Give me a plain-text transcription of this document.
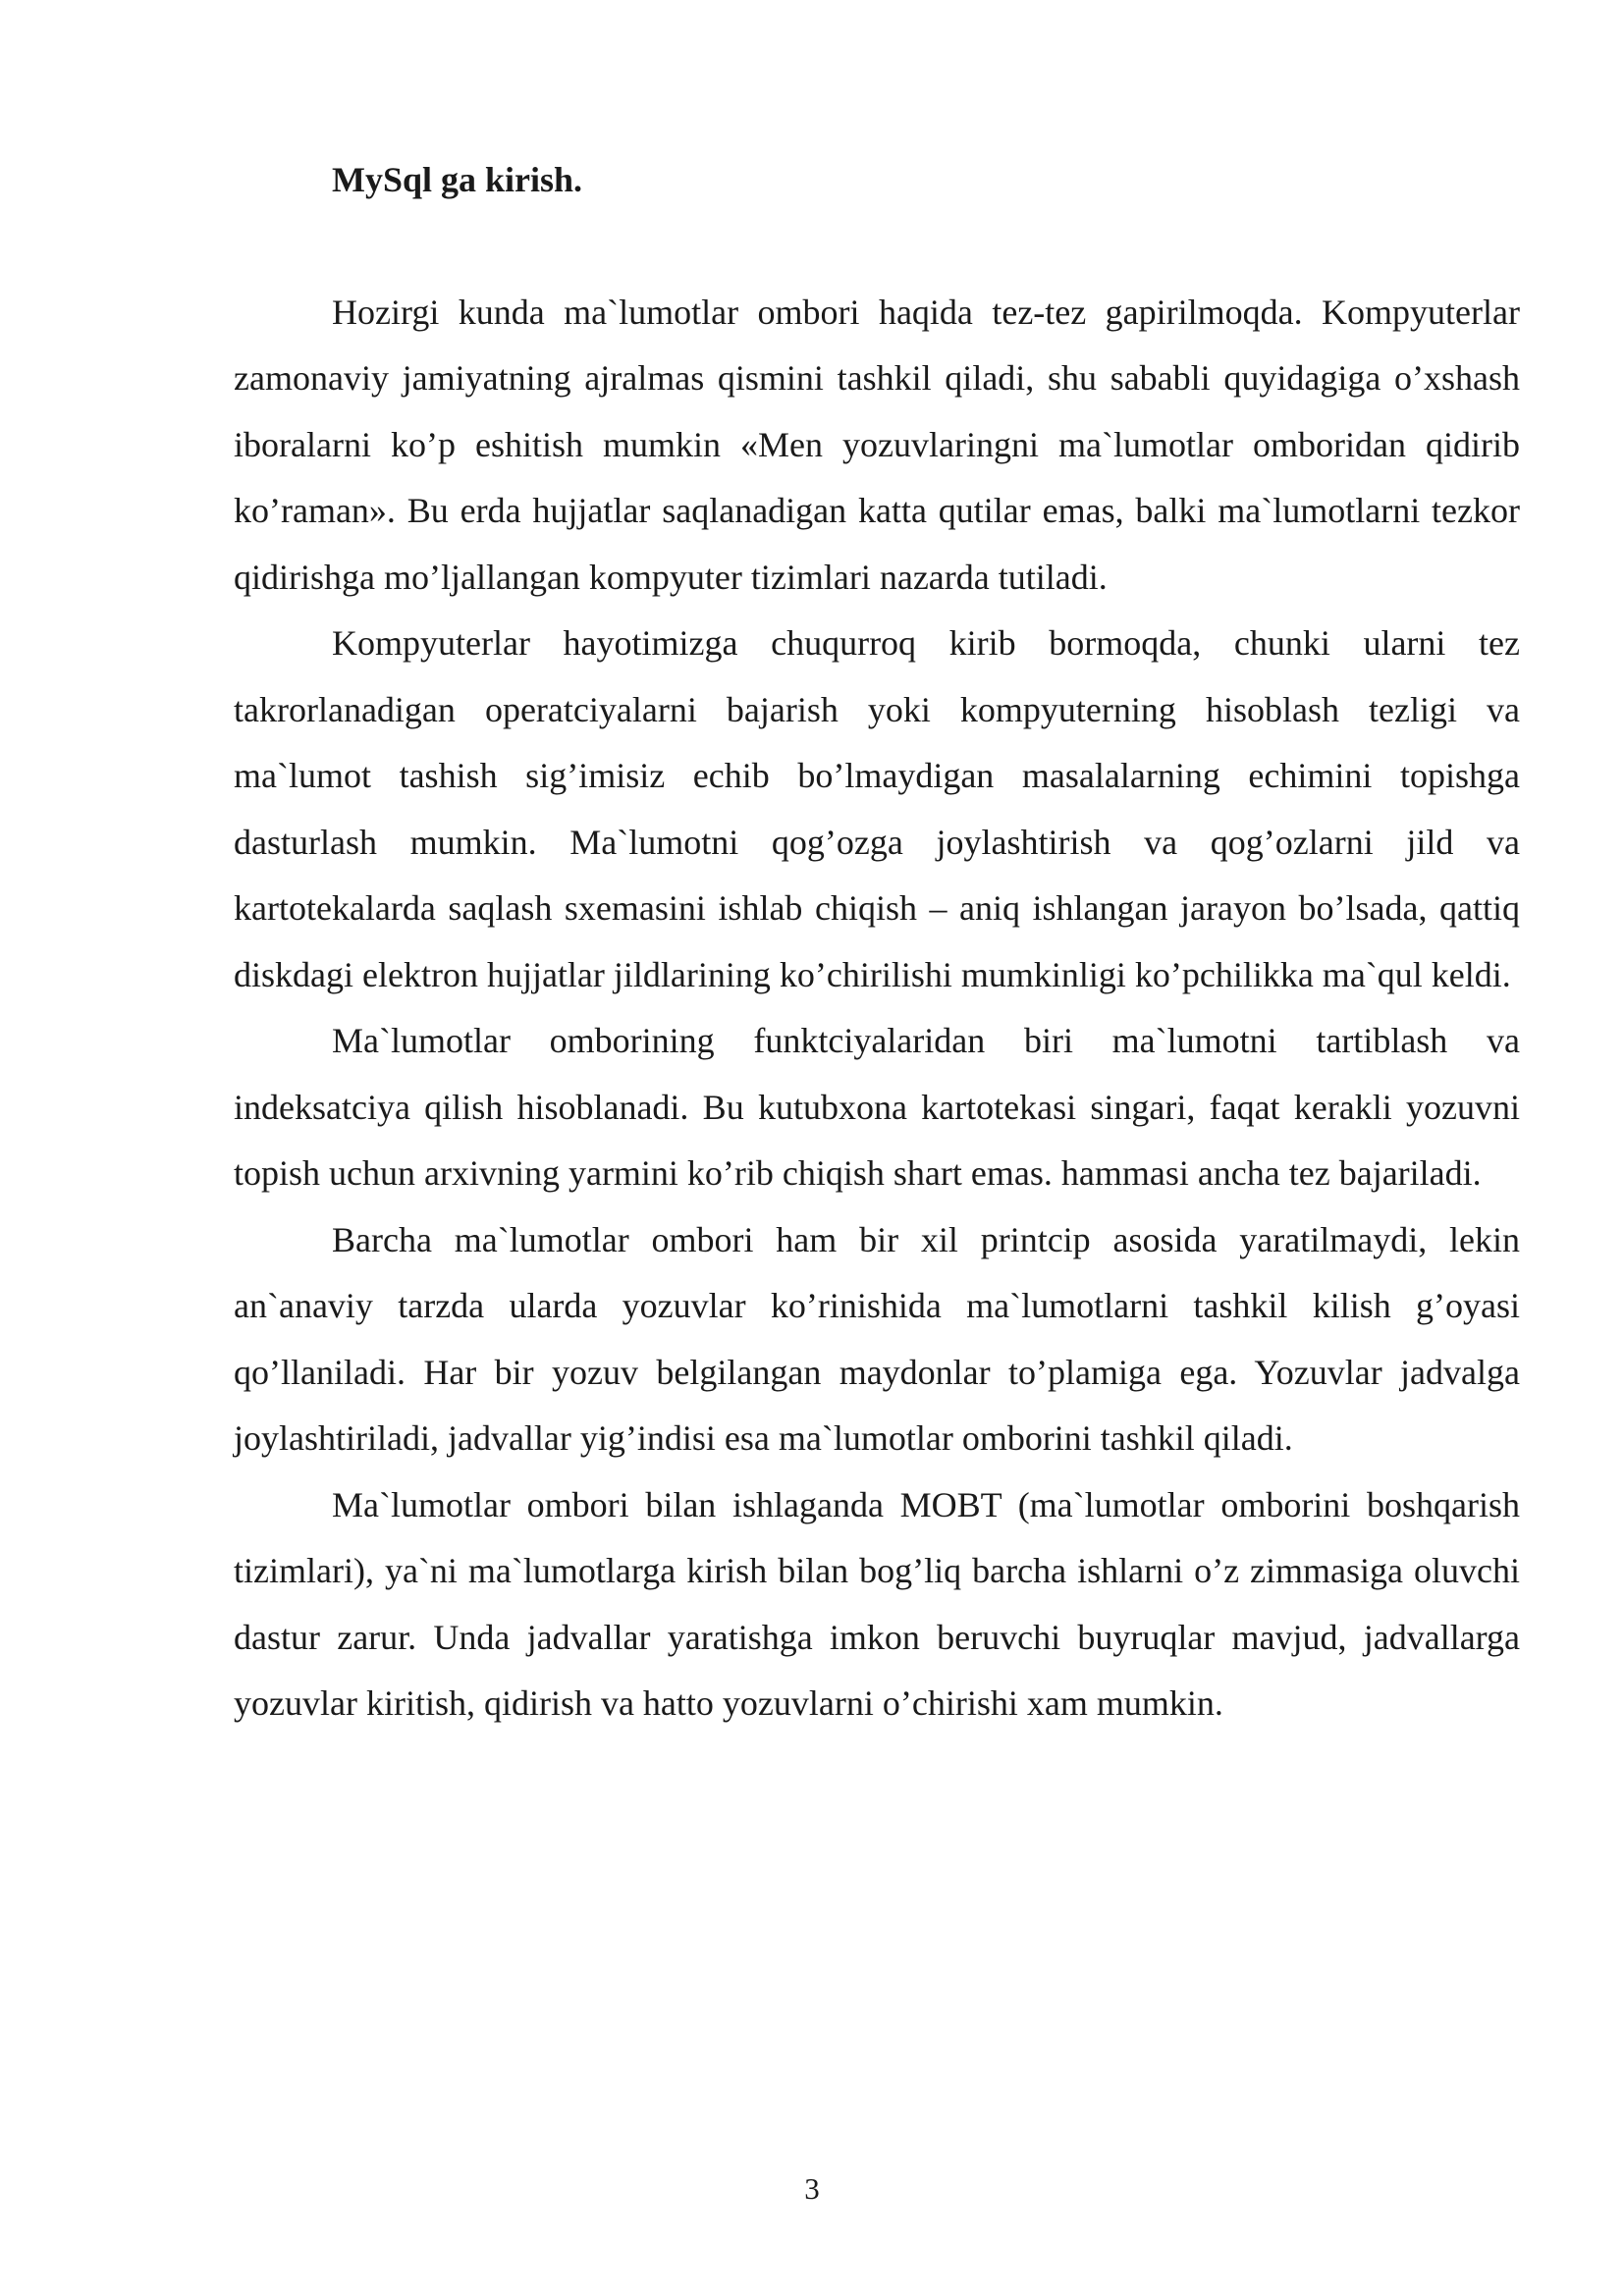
MySql ga kirish.

Hozirgi kunda ma`lumotlar ombori haqida tez-tez gapirilmoqda. Kompyuterlar zamonaviy jamiyatning ajralmas qismini tashkil qiladi, shu sababli quyidagiga o’xshash iboralarni ko’p eshitish mumkin «Men yozuvlaringni ma`lumotlar omboridan qidirib ko’raman». Bu erda hujjatlar saqlanadigan katta qutilar emas, balki ma`lumotlarni tezkor qidirishga mo’ljallangan kompyuter tizimlari nazarda tutiladi.

Kompyuterlar hayotimizga chuqurroq kirib bormoqda, chunki ularni tez takrorlanadigan operatciyalarni bajarish yoki kompyuterning hisoblash tezligi va ma`lumot tashish sig’imisiz echib bo’lmaydigan masalalarning echimini topishga dasturlash mumkin. Ma`lumotni qog’ozga joylashtirish va qog’ozlarni jild va kartotekalarda saqlash sxemasini ishlab chiqish – aniq ishlangan jarayon bo’lsada, qattiq diskdagi elektron hujjatlar jildlarining ko’chirilishi mumkinligi ko’pchilikka ma`qul keldi.

Ma`lumotlar omborining funktciyalaridan biri ma`lumotni tartiblash va indeksatciya qilish hisoblanadi. Bu kutubxona kartotekasi singari, faqat kerakli yozuvni topish uchun arxivning yarmini ko’rib chiqish shart emas. hammasi ancha tez bajariladi.

Barcha ma`lumotlar ombori ham bir xil printcip asosida yaratilmaydi, lekin an`anaviy tarzda ularda yozuvlar ko’rinishida ma`lumotlarni tashkil kilish g’oyasi qo’llaniladi. Har bir yozuv belgilangan maydonlar to’plamiga ega. Yozuvlar jadvalga joylashtiriladi, jadvallar yig’indisi esa ma`lumotlar omborini tashkil qiladi.

Ma`lumotlar ombori bilan ishlaganda MOBT (ma`lumotlar omborini boshqarish tizimlari), ya`ni ma`lumotlarga kirish bilan bog’liq barcha ishlarni o’z zimmasiga oluvchi dastur zarur. Unda jadvallar yaratishga imkon beruvchi buyruqlar mavjud, jadvallarga yozuvlar kiritish, qidirish va hatto yozuvlarni o’chirishi xam mumkin.

3
